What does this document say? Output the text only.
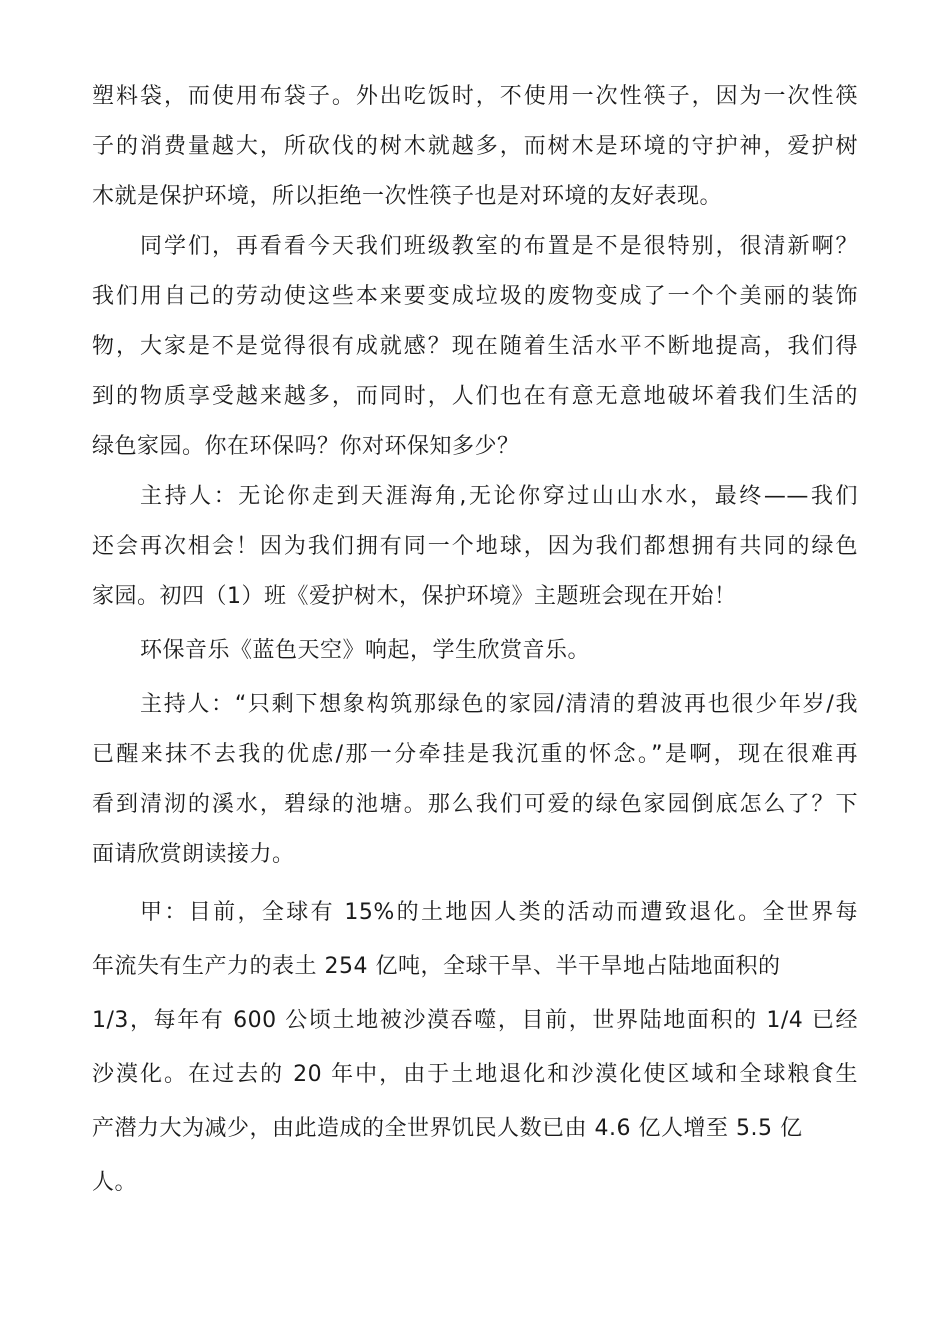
塑料袋，而使用布袋子。外出吃饭时，不使用一次性筷子，因为一次性筷

子的消费量越大，所砍伐的树木就越多，而树木是环境的守护神，爱护树

木就是保护环境，所以拒绝一次性筷子也是对环境的友好表现。

同学们，再看看今天我们班级教室的布置是不是很特别，很清新啊？

我们用自己的劳动使这些本来要变成垃圾的废物变成了一个个美丽的装饰

物，大家是不是觉得很有成就感？现在随着生活水平不断地提高，我们得

到的物质享受越来越多，而同时，人们也在有意无意地破坏着我们生活的

绿色家园。你在环保吗？你对环保知多少？

主持人：无论你走到天涯海角,无论你穿过山山水水，最终——我们

还会再次相会！因为我们拥有同一个地球，因为我们都想拥有共同的绿色

家园。初四（1）班《爱护树木，保护环境》主题班会现在开始！

环保音乐《蓝色天空》响起，学生欣赏音乐。

主持人：“只剩下想象构筑那绿色的家园/清清的碧波再也很少年岁/我

已醒来抹不去我的优虑/那一分牵挂是我沉重的怀念。”是啊，现在很难再

看到清沏的溪水，碧绿的池塘。那么我们可爱的绿色家园倒底怎么了？下

面请欣赏朗读接力。

甲：目前，全球有 15%的土地因人类的活动而遭致退化。全世界每

年流失有生产力的表土 254 亿吨，全球干旱、半干旱地占陆地面积的

1/3，每年有 600 公顷土地被沙漠吞噬，目前，世界陆地面积的 1/4 已经

沙漠化。在过去的 20 年中，由于土地退化和沙漠化使区域和全球粮食生

产潜力大为减少，由此造成的全世界饥民人数已由 4.6 亿人增至 5.5 亿

人。
